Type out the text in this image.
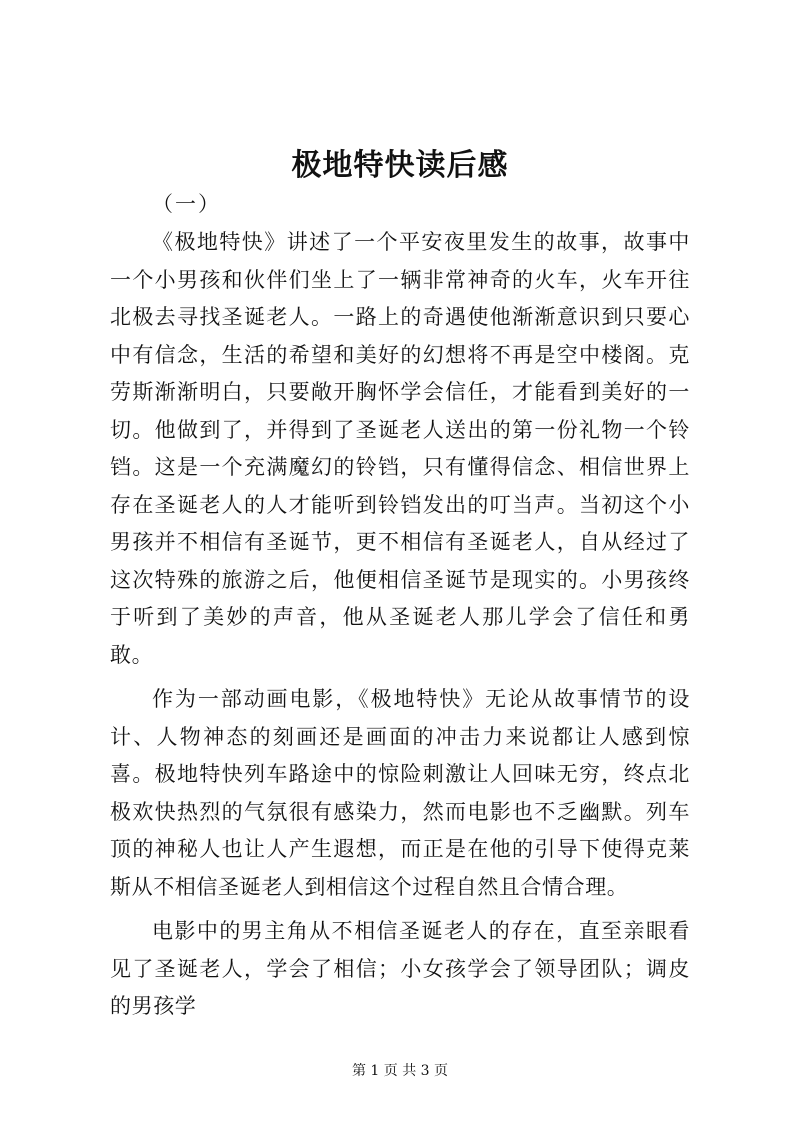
极地特快读后感

（一）

《极地特快》讲述了一个平安夜里发生的故事，故事中一个小男孩和伙伴们坐上了一辆非常神奇的火车，火车开往北极去寻找圣诞老人。一路上的奇遇使他渐渐意识到只要心中有信念，生活的希望和美好的幻想将不再是空中楼阁。克劳斯渐渐明白，只要敞开胸怀学会信任，才能看到美好的一切。他做到了，并得到了圣诞老人送出的第一份礼物一个铃铛。这是一个充满魔幻的铃铛，只有懂得信念、相信世界上存在圣诞老人的人才能听到铃铛发出的叮当声。当初这个小男孩并不相信有圣诞节，更不相信有圣诞老人，自从经过了这次特殊的旅游之后，他便相信圣诞节是现实的。小男孩终于听到了美妙的声音，他从圣诞老人那儿学会了信任和勇敢。

作为一部动画电影，《极地特快》无论从故事情节的设计、人物神态的刻画还是画面的冲击力来说都让人感到惊喜。极地特快列车路途中的惊险刺激让人回味无穷，终点北极欢快热烈的气氛很有感染力，然而电影也不乏幽默。列车顶的神秘人也让人产生遐想，而正是在他的引导下使得克莱斯从不相信圣诞老人到相信这个过程自然且合情合理。

电影中的男主角从不相信圣诞老人的存在，直至亲眼看见了圣诞老人，学会了相信；小女孩学会了领导团队；调皮的男孩学

第 1 页 共 3 页
